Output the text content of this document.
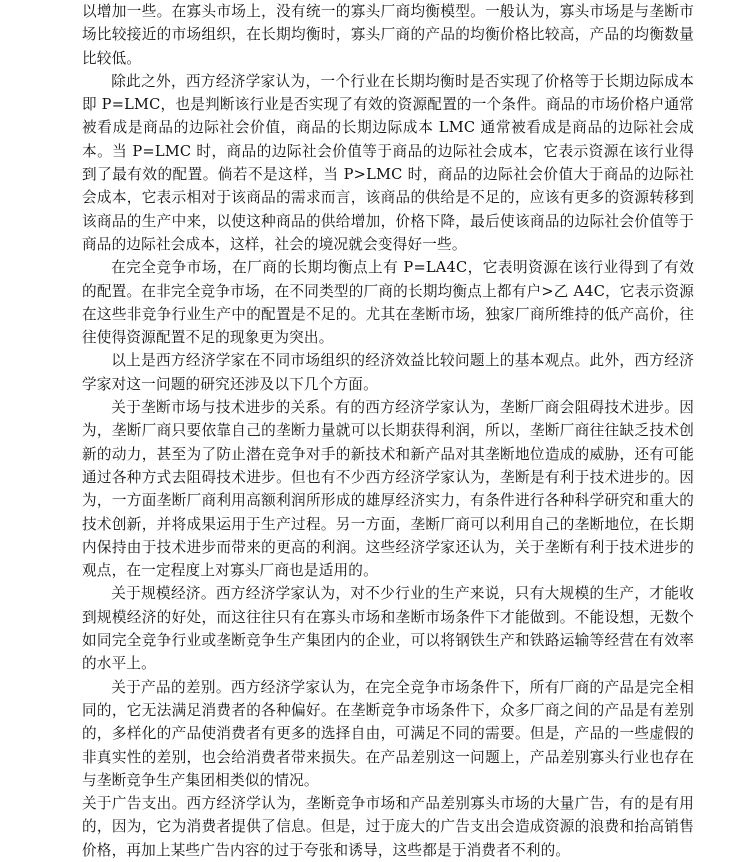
以增加一些。在寡头市场上，没有统一的寡头厂商均衡模型。一般认为，寡头市场是与垄断市场比较接近的市场组织，在长期均衡时，寡头厂商的产品的均衡价格比较高，产品的均衡数量比较低。

除此之外，西方经济学家认为，一个行业在长期均衡时是否实现了价格等于长期边际成本即 P=LMC，也是判断该行业是否实现了有效的资源配置的一个条件。商品的市场价格户通常被看成是商品的边际社会价值，商品的长期边际成本 LMC 通常被看成是商品的边际社会成本。当 P=LMC 时，商品的边际社会价值等于商品的边际社会成本，它表示资源在该行业得到了最有效的配置。倘若不是这样，当 P>LMC 时，商品的边际社会价值大于商品的边际社会成本，它表示相对于该商品的需求而言，该商品的供给是不足的，应该有更多的资源转移到该商品的生产中来，以使这种商品的供给增加，价格下降，最后使该商品的边际社会价值等于商品的边际社会成本，这样，社会的境况就会变得好一些。

在完全竞争市场，在厂商的长期均衡点上有 P=LA4C，它表明资源在该行业得到了有效的配置。在非完全竞争市场，在不同类型的厂商的长期均衡点上都有户>乙 A4C，它表示资源在这些非竞争行业生产中的配置是不足的。尤其在垄断市场，独家厂商所维持的低产高价，往往使得资源配置不足的现象更为突出。

以上是西方经济学家在不同市场组织的经济效益比较问题上的基本观点。此外，西方经济学家对这一问题的研究还涉及以下几个方面。

关于垄断市场与技术进步的关系。有的西方经济学家认为，垄断厂商会阻碍技术进步。因为，垄断厂商只要依靠自己的垄断力量就可以长期获得利润，所以，垄断厂商往往缺乏技术创新的动力，甚至为了防止潜在竞争对手的新技术和新产品对其垄断地位造成的威胁，还有可能通过各种方式去阻碍技术进步。但也有不少西方经济学家认为，垄断是有利于技术进步的。因为，一方面垄断厂商利用高额利润所形成的雄厚经济实力，有条件进行各种科学研究和重大的技术创新，并将成果运用于生产过程。另一方面，垄断厂商可以利用自己的垄断地位，在长期内保持由于技术进步而带来的更高的利润。这些经济学家还认为，关于垄断有利于技术进步的观点，在一定程度上对寡头厂商也是适用的。

关于规模经济。西方经济学家认为，对不少行业的生产来说，只有大规模的生产，才能收到规模经济的好处，而这往往只有在寡头市场和垄断市场条件下才能做到。不能设想，无数个如同完全竞争行业或垄断竞争生产集团内的企业，可以将钢铁生产和铁路运输等经营在有效率的水平上。

关于产品的差别。西方经济学家认为，在完全竞争市场条件下，所有厂商的产品是完全相同的，它无法满足消费者的各种偏好。在垄断竞争市场条件下，众多厂商之间的产品是有差别的，多样化的产品使消费者有更多的选择自由，可满足不同的需要。但是，产品的一些虚假的非真实性的差别，也会给消费者带来损失。在产品差别这一问题上，产品差别寡头行业也存在与垄断竞争生产集团相类似的情况。

关于广告支出。西方经济学认为，垄断竞争市场和产品差别寡头市场的大量广告，有的是有用的，因为，它为消费者提供了信息。但是，过于庞大的广告支出会造成资源的浪费和抬高销售价格，再加上某些广告内容的过于夸张和诱导，这些都是于消费者不利的。
